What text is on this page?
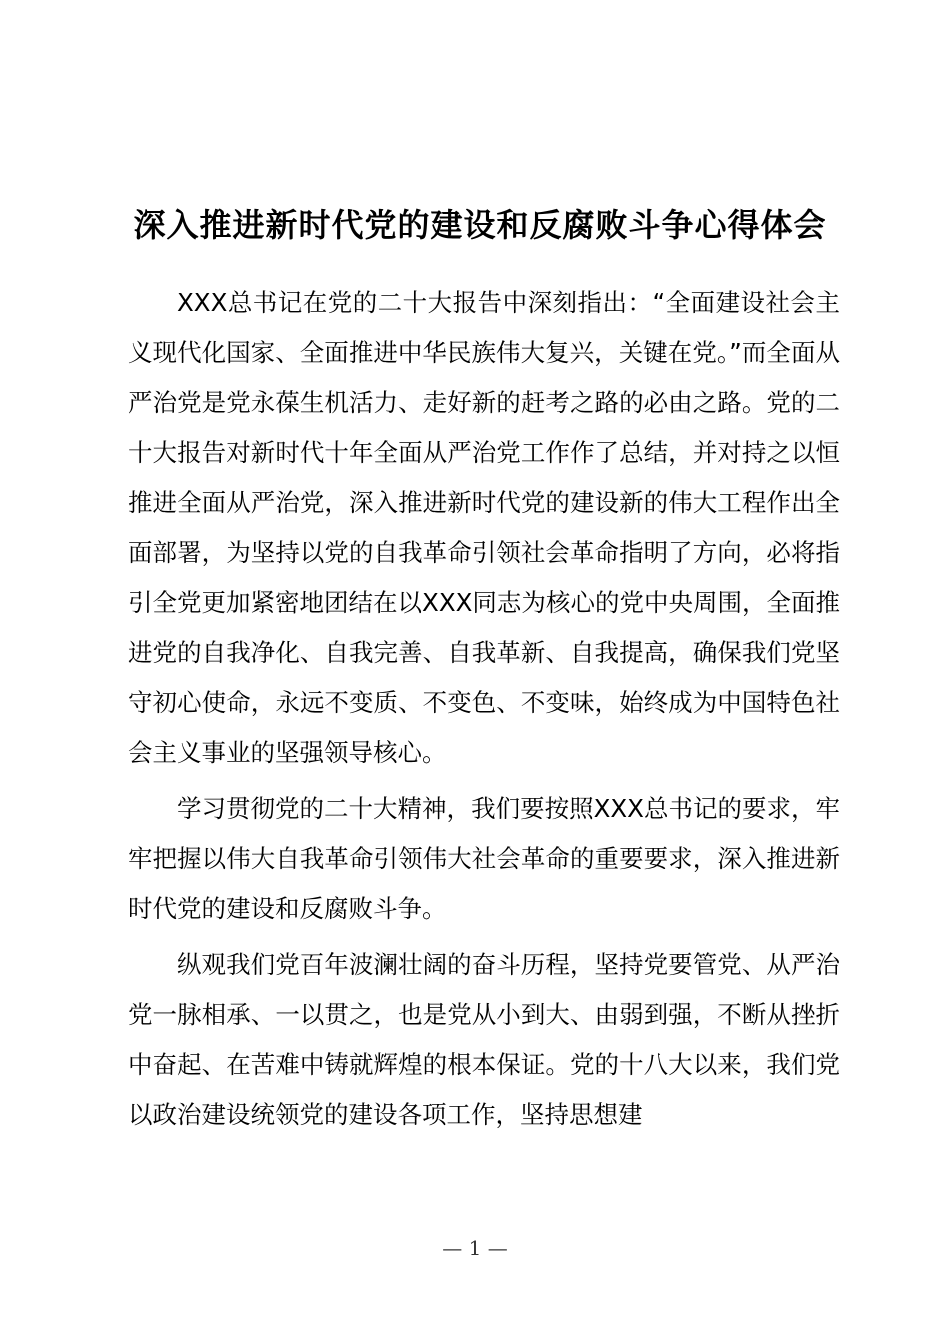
深入推进新时代党的建设和反腐败斗争心得体会

XXX总书记在党的二十大报告中深刻指出：“全面建设社会主义现代化国家、全面推进中华民族伟大复兴，关键在党。”而全面从严治党是党永葆生机活力、走好新的赶考之路的必由之路。党的二十大报告对新时代十年全面从严治党工作作了总结，并对持之以恒推进全面从严治党，深入推进新时代党的建设新的伟大工程作出全面部署，为坚持以党的自我革命引领社会革命指明了方向，必将指引全党更加紧密地团结在以XXX同志为核心的党中央周围，全面推进党的自我净化、自我完善、自我革新、自我提高，确保我们党坚守初心使命，永远不变质、不变色、不变味，始终成为中国特色社会主义事业的坚强领导核心。

学习贯彻党的二十大精神，我们要按照XXX总书记的要求，牢牢把握以伟大自我革命引领伟大社会革命的重要要求，深入推进新时代党的建设和反腐败斗争。

纵观我们党百年波澜壮阔的奋斗历程，坚持党要管党、从严治党一脉相承、一以贯之，也是党从小到大、由弱到强，不断从挫折中奋起、在苦难中铸就辉煌的根本保证。党的十八大以来，我们党以政治建设统领党的建设各项工作，坚持思想建

— 1 —
